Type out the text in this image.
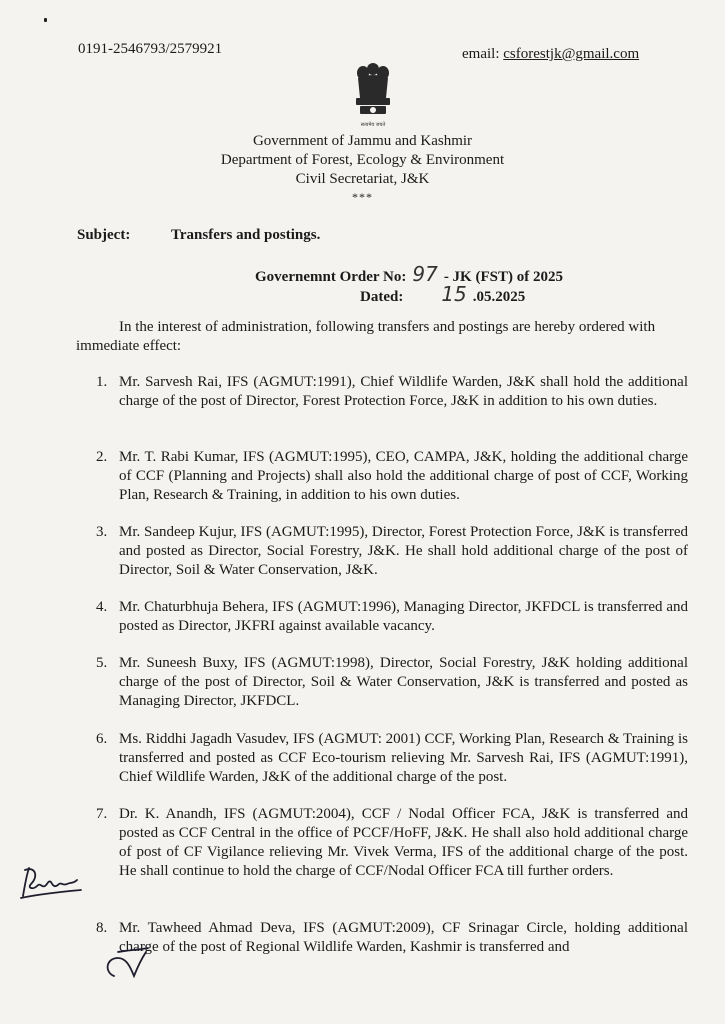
0191-2546793/2579921	email: csforestjk@gmail.com
सत्यमेव जयते
Government of Jammu and Kashmir
Department of Forest, Ecology & Environment
Civil Secretariat, J&K
***
Subject:	Transfers and postings.
Governemnt Order No: 97 - JK (FST) of 2025
Dated: 15 .05.2025
In the interest of administration, following transfers and postings are hereby ordered with immediate effect:
1. Mr. Sarvesh Rai, IFS (AGMUT:1991), Chief Wildlife Warden, J&K shall hold the additional charge of the post of Director, Forest Protection Force, J&K in addition to his own duties.
2. Mr. T. Rabi Kumar, IFS (AGMUT:1995), CEO, CAMPA, J&K, holding the additional charge of CCF (Planning and Projects) shall also hold the additional charge of post of CCF, Working Plan, Research & Training, in addition to his own duties.
3. Mr. Sandeep Kujur, IFS (AGMUT:1995), Director, Forest Protection Force, J&K is transferred and posted as Director, Social Forestry, J&K. He shall hold additional charge of the post of Director, Soil & Water Conservation, J&K.
4. Mr. Chaturbhuja Behera, IFS (AGMUT:1996), Managing Director, JKFDCL is transferred and posted as Director, JKFRI against available vacancy.
5. Mr. Suneesh Buxy, IFS (AGMUT:1998), Director, Social Forestry, J&K holding additional charge of the post of Director, Soil & Water Conservation, J&K is transferred and posted as Managing Director, JKFDCL.
6. Ms. Riddhi Jagadh Vasudev, IFS (AGMUT: 2001) CCF, Working Plan, Research & Training is transferred and posted as CCF Eco-tourism relieving Mr. Sarvesh Rai, IFS (AGMUT:1991), Chief Wildlife Warden, J&K of the additional charge of the post.
7. Dr. K. Anandh, IFS (AGMUT:2004), CCF / Nodal Officer FCA, J&K is transferred and posted as CCF Central in the office of PCCF/HoFF, J&K. He shall also hold additional charge of post of CF Vigilance relieving Mr. Vivek Verma, IFS of the additional charge of the post. He shall continue to hold the charge of CCF/Nodal Officer FCA till further orders.
8. Mr. Tawheed Ahmad Deva, IFS (AGMUT:2009), CF Srinagar Circle, holding additional charge of the post of Regional Wildlife Warden, Kashmir is transferred and
